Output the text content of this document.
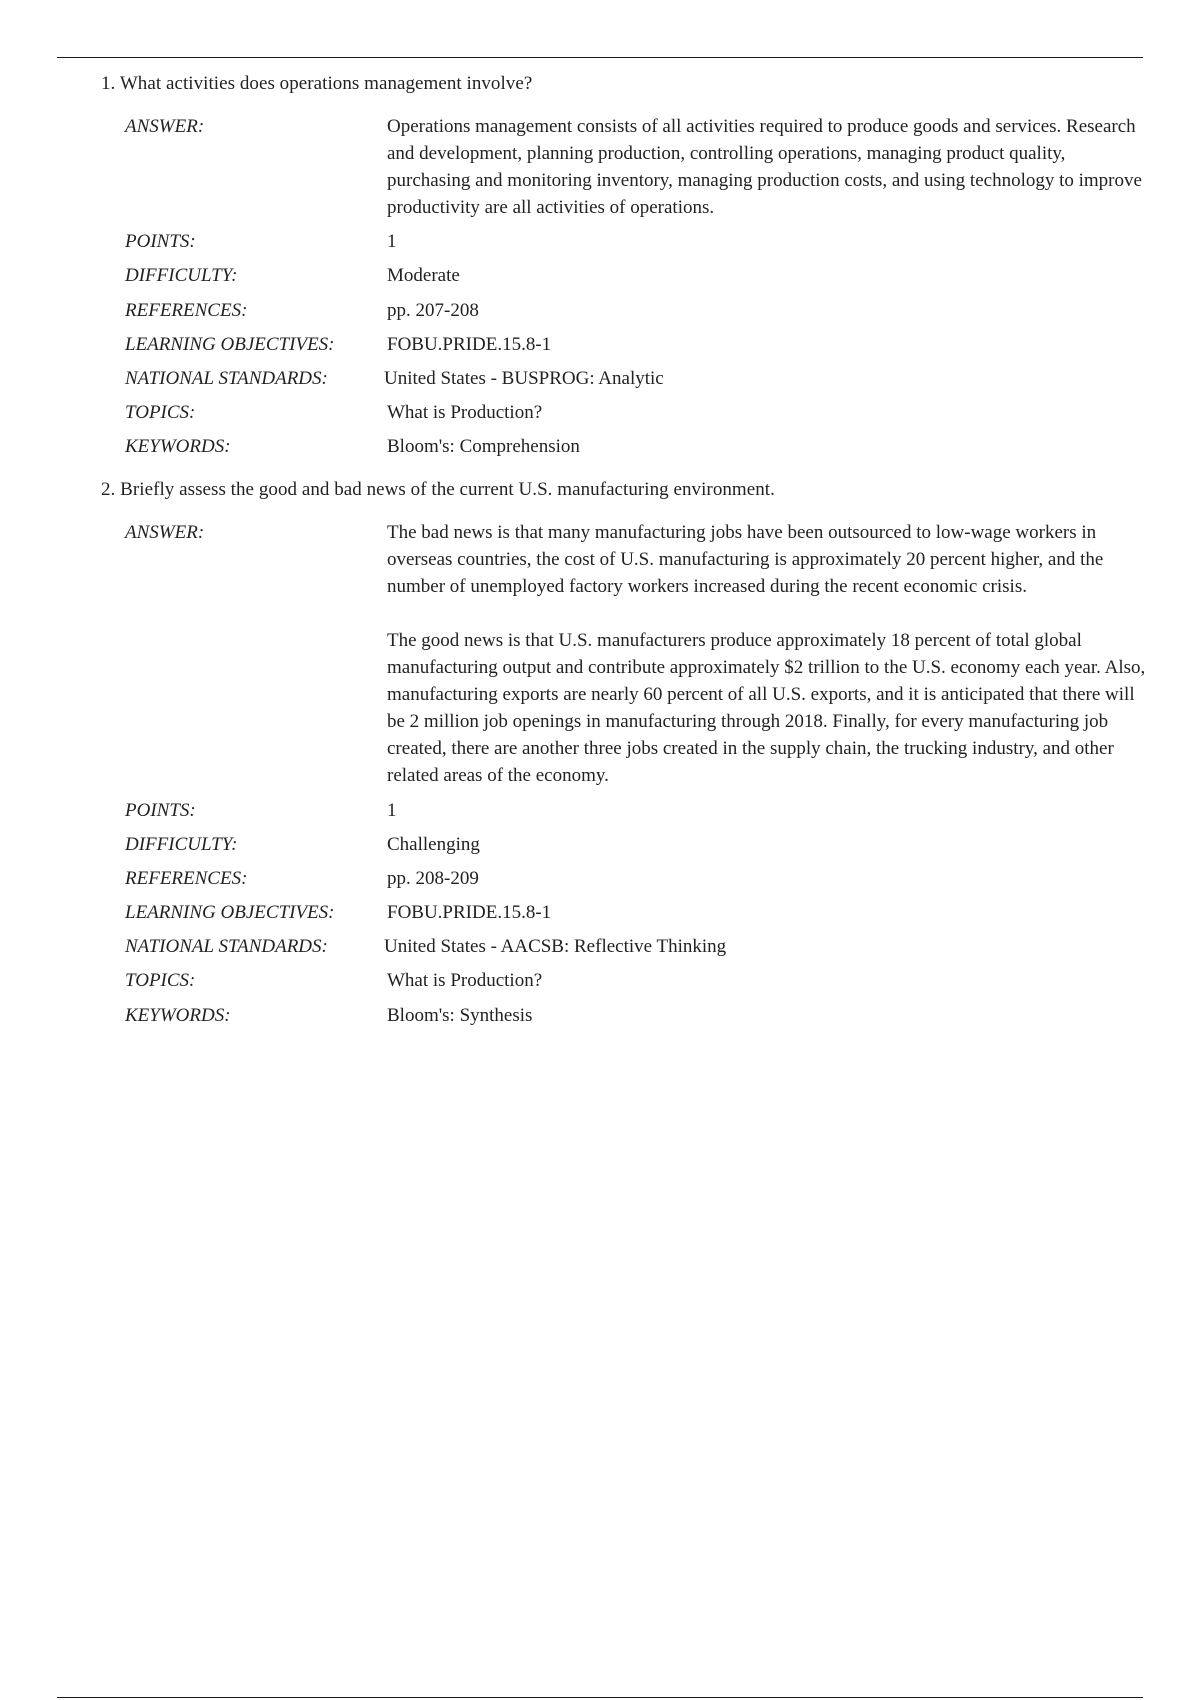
1. What activities does operations management involve?
ANSWER:	Operations management consists of all activities required to produce goods and services. Research and development, planning production, controlling operations, managing product quality, purchasing and monitoring inventory, managing production costs, and using technology to improve productivity are all activities of operations.

POINTS:	1
DIFFICULTY:	Moderate
REFERENCES:	pp. 207-208
LEARNING OBJECTIVES:	FOBU.PRIDE.15.8-1
NATIONAL STANDARDS:	United States - BUSPROG: Analytic
TOPICS:	What is Production?
KEYWORDS:	Bloom's: Comprehension
2. Briefly assess the good and bad news of the current U.S. manufacturing environment.
ANSWER:	The bad news is that many manufacturing jobs have been outsourced to low-wage workers in overseas countries, the cost of U.S. manufacturing is approximately 20 percent higher, and the number of unemployed factory workers increased during the recent economic crisis.

The good news is that U.S. manufacturers produce approximately 18 percent of total global manufacturing output and contribute approximately $2 trillion to the U.S. economy each year. Also, manufacturing exports are nearly 60 percent of all U.S. exports, and it is anticipated that there will be 2 million job openings in manufacturing through 2018. Finally, for every manufacturing job created, there are another three jobs created in the supply chain, the trucking industry, and other related areas of the economy.

POINTS:	1
DIFFICULTY:	Challenging
REFERENCES:	pp. 208-209
LEARNING OBJECTIVES:	FOBU.PRIDE.15.8-1
NATIONAL STANDARDS:	United States - AACSB: Reflective Thinking
TOPICS:	What is Production?
KEYWORDS:	Bloom's: Synthesis
